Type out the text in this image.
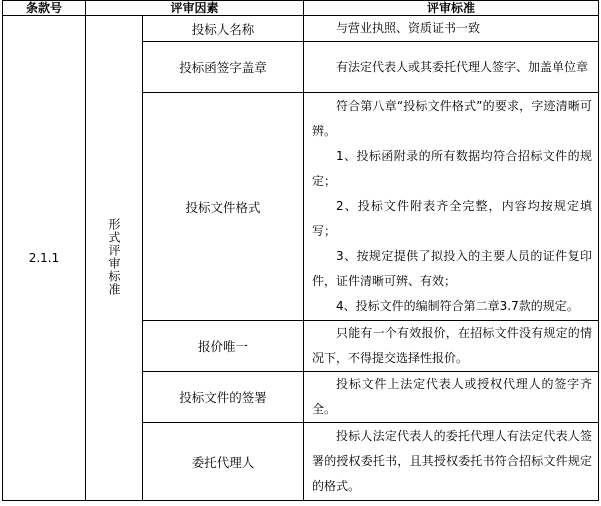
条款号	评审因素		评审标准
2.1.1	形式评审标准	投标人名称	与营业执照、资质证书一致

		投标函签字盖章	有法定代表人或其委托代理人签字、加盖单位章

		投标文件格式	符合第八章“投标文件格式”的要求，字迹清晰可辨。

1、投标函附录的所有数据均符合招标文件的规定；

2、投标文件附表齐全完整，内容均按规定填写；

3、按规定提供了拟投入的主要人员的证件复印件，证件清晰可辨、有效；

4、投标文件的编制符合第二章3.7款的规定。

		报价唯一	只能有一个有效报价，在招标文件没有规定的情况下，不得提交选择性报价。

		投标文件的签署	投标文件上法定代表人或授权代理人的签字齐全。

		委托代理人	投标人法定代表人的委托代理人有法定代表人签署的授权委托书，且其授权委托书符合招标文件规定的格式。
